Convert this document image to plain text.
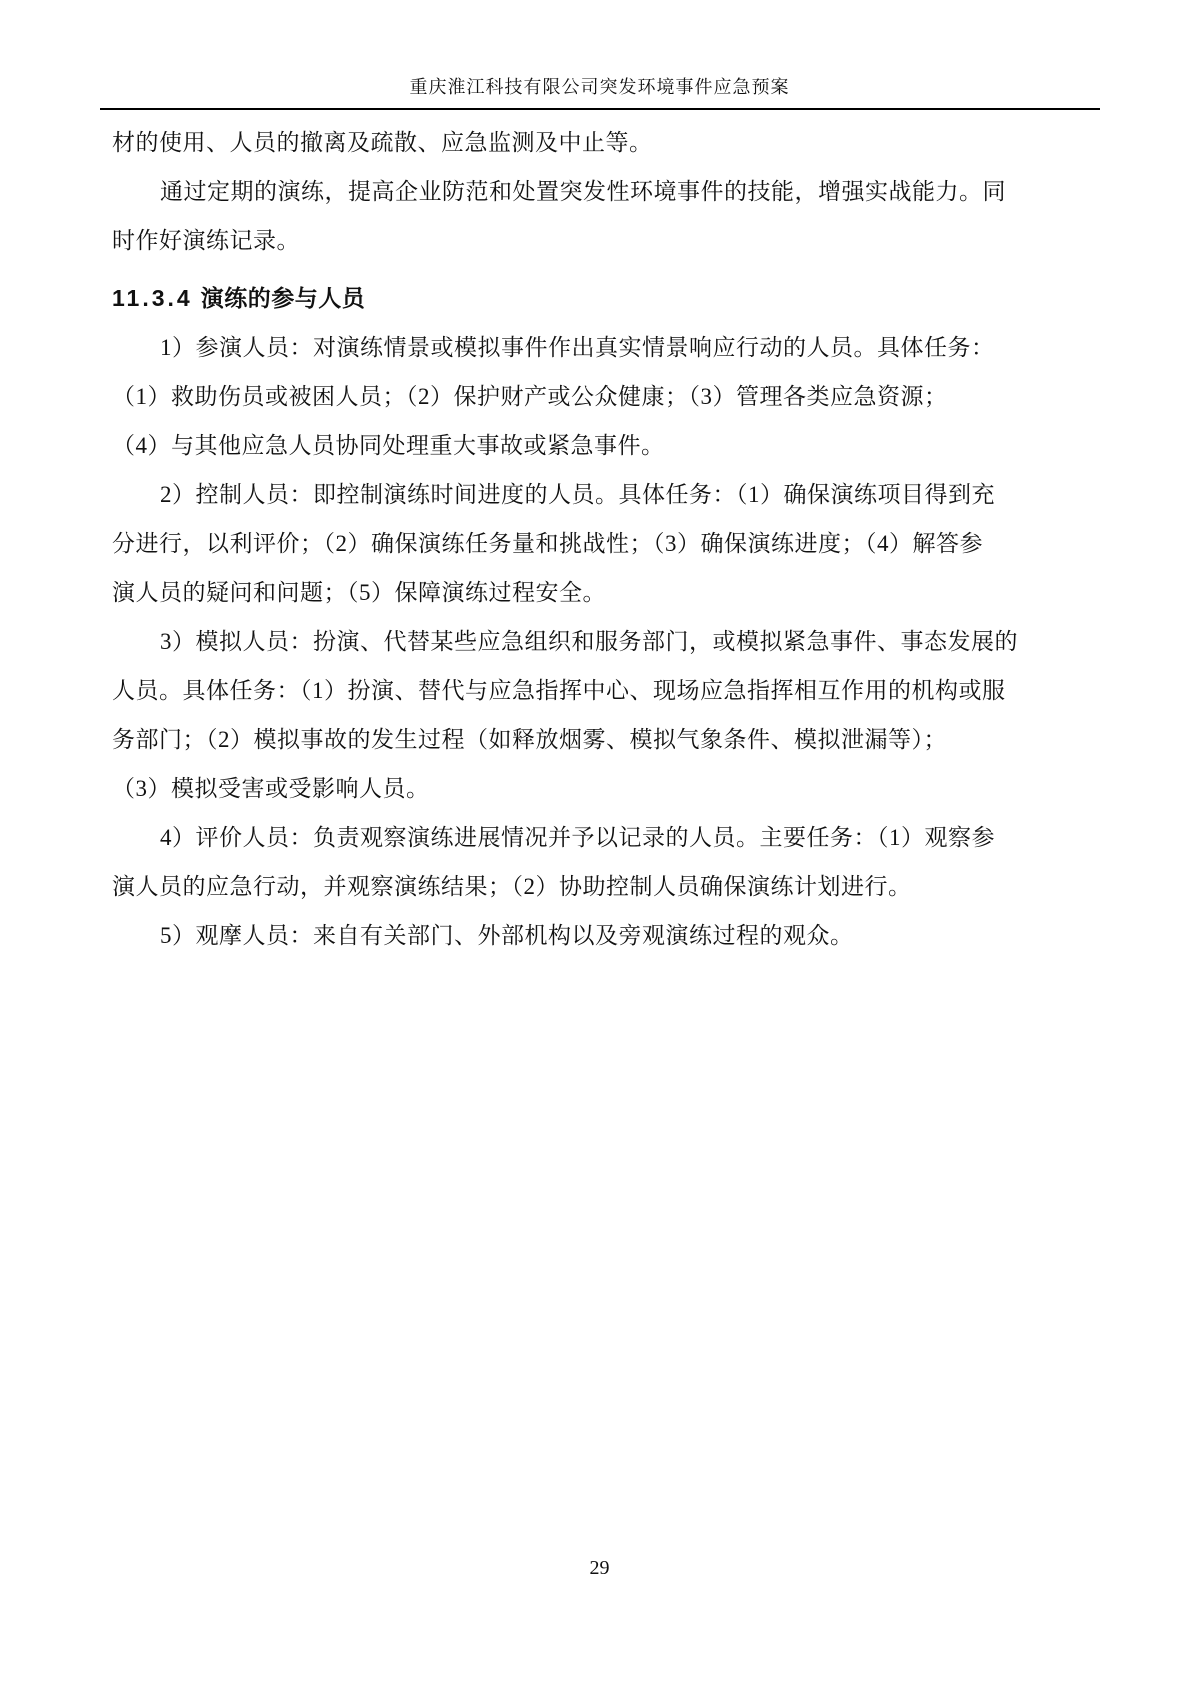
重庆淮江科技有限公司突发环境事件应急预案

材的使用、人员的撤离及疏散、应急监测及中止等。

通过定期的演练，提高企业防范和处置突发性环境事件的技能，增强实战能力。同

时作好演练记录。

11.3.4 演练的参与人员

1）参演人员：对演练情景或模拟事件作出真实情景响应行动的人员。具体任务：

（1）救助伤员或被困人员；（2）保护财产或公众健康；（3）管理各类应急资源；

（4）与其他应急人员协同处理重大事故或紧急事件。

2）控制人员：即控制演练时间进度的人员。具体任务：（1）确保演练项目得到充

分进行，以利评价；（2）确保演练任务量和挑战性；（3）确保演练进度；（4）解答参

演人员的疑问和问题；（5）保障演练过程安全。

3）模拟人员：扮演、代替某些应急组织和服务部门，或模拟紧急事件、事态发展的

人员。具体任务：（1）扮演、替代与应急指挥中心、现场应急指挥相互作用的机构或服

务部门；（2）模拟事故的发生过程（如释放烟雾、模拟气象条件、模拟泄漏等）；

（3）模拟受害或受影响人员。

4）评价人员：负责观察演练进展情况并予以记录的人员。主要任务：（1）观察参

演人员的应急行动，并观察演练结果；（2）协助控制人员确保演练计划进行。

5）观摩人员：来自有关部门、外部机构以及旁观演练过程的观众。

29
